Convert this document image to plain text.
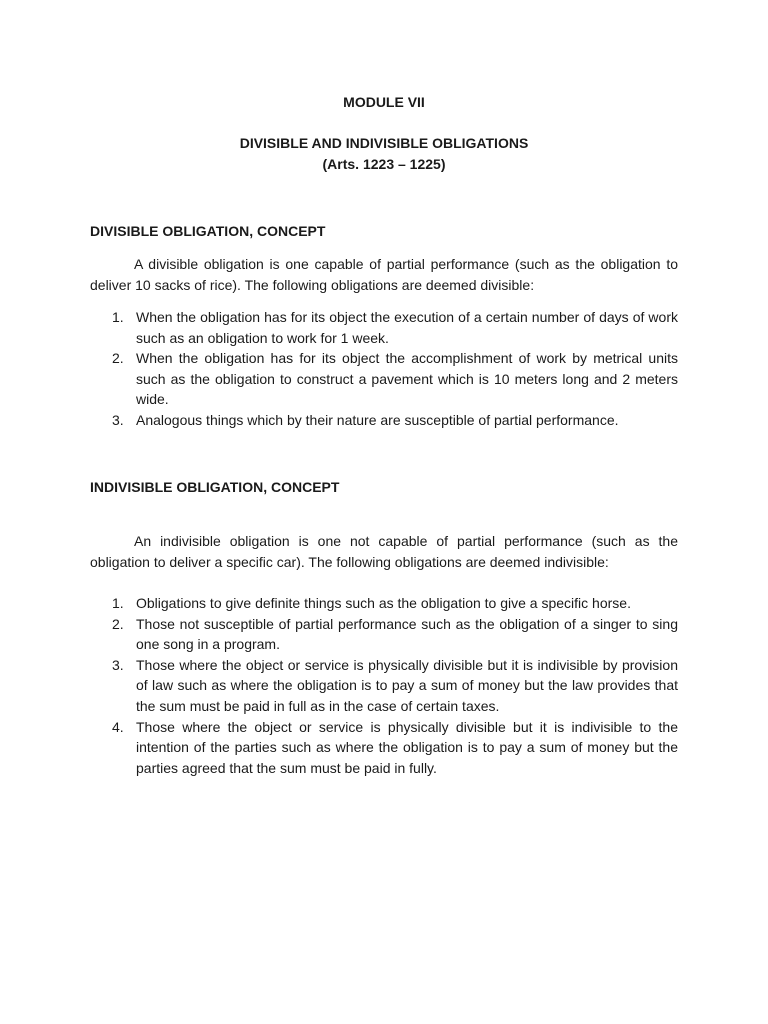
MODULE VII
DIVISIBLE AND INDIVISIBLE OBLIGATIONS
(Arts. 1223 – 1225)
DIVISIBLE OBLIGATION, CONCEPT
A divisible obligation is one capable of partial performance (such as the obligation to deliver 10 sacks of rice). The following obligations are deemed divisible:
1. When the obligation has for its object the execution of a certain number of days of work such as an obligation to work for 1 week.
2. When the obligation has for its object the accomplishment of work by metrical units such as the obligation to construct a pavement which is 10 meters long and 2 meters wide.
3. Analogous things which by their nature are susceptible of partial performance.
INDIVISIBLE OBLIGATION, CONCEPT
An indivisible obligation is one not capable of partial performance (such as the obligation to deliver a specific car). The following obligations are deemed indivisible:
1. Obligations to give definite things such as the obligation to give a specific horse.
2. Those not susceptible of partial performance such as the obligation of a singer to sing one song in a program.
3. Those where the object or service is physically divisible but it is indivisible by provision of law such as where the obligation is to pay a sum of money but the law provides that the sum must be paid in full as in the case of certain taxes.
4. Those where the object or service is physically divisible but it is indivisible to the intention of the parties such as where the obligation is to pay a sum of money but the parties agreed that the sum must be paid in fully.
